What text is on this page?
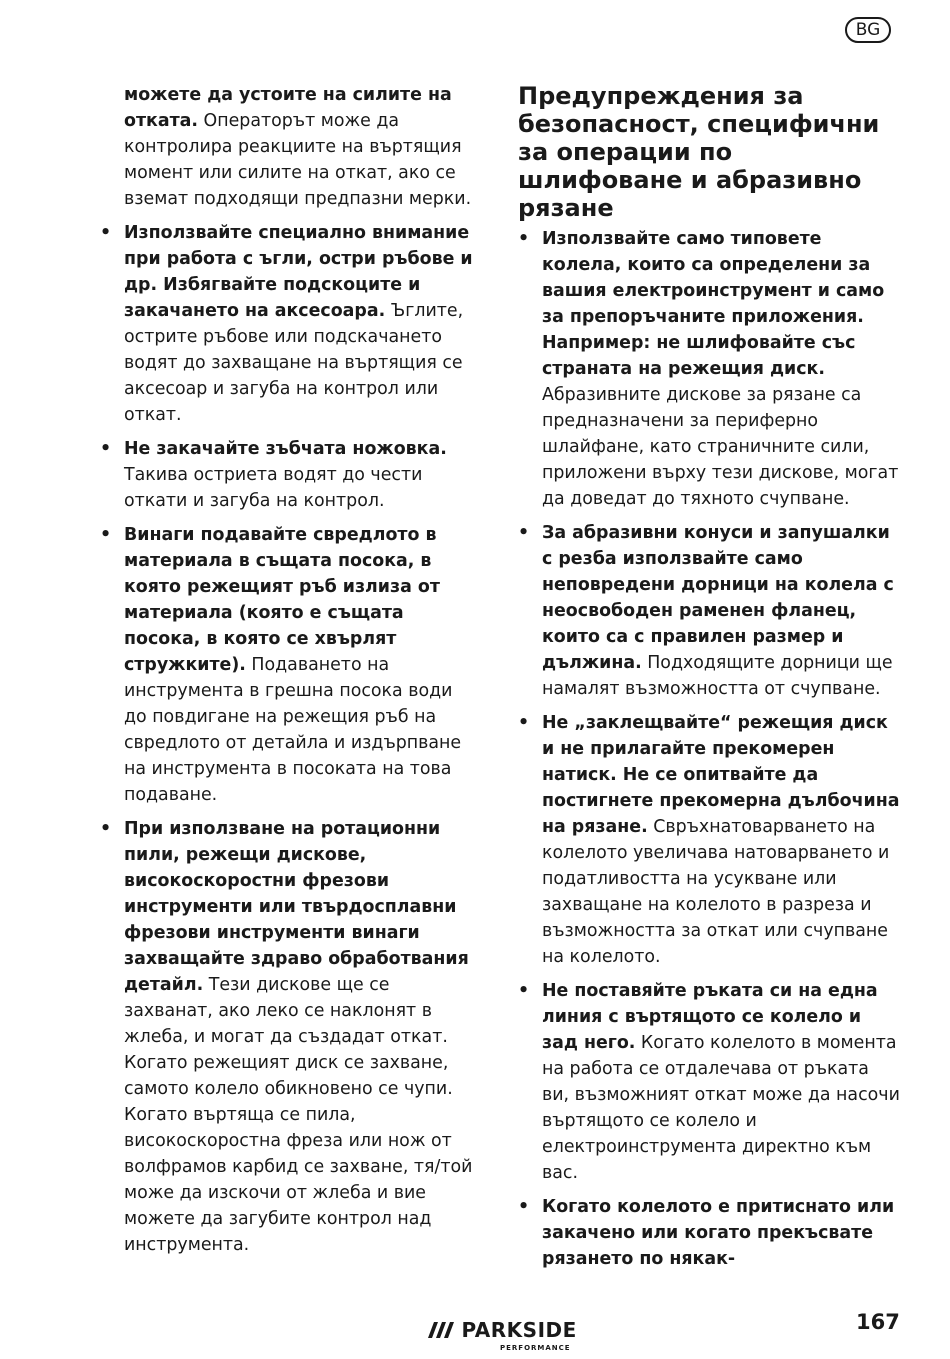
BG

можете да устоите на силите на отката. Операторът може да контролира реакциите на въртящия момент или силите на откат, ако се вземат подходящи предпазни мерки.

• Използвайте специално внимание при работа с ъгли, остри ръбове и др. Избягвайте подскоците и закачането на аксесоара. Ъглите, острите ръбове или подскачането водят до захващане на въртящия се аксесоар и загуба на контрол или откат.
• Не закачайте зъбчата ножовка. Такива остриета водят до чести откати и загуба на контрол.
• Винаги подавайте свредлото в материала в същата посока, в която режещият ръб излиза от материала (която е същата посока, в която се хвърлят стружките). Подаването на инструмента в грешна посока води до повдигане на режещия ръб на свредлото от детайла и издърпване на инструмента в посоката на това подаване.
• При използване на ротационни пили, режещи дискове, високоскоростни фрезови инструменти или твърдосплавни фрезови инструменти винаги захващайте здраво обработвания детайл. Тези дискове ще се захванат, ако леко се наклонят в жлеба, и могат да създадат откат. Когато режещият диск се захване, самото колело обикновено се чупи. Когато въртяща се пила, високоскоростна фреза или нож от волфрамов карбид се захване, тя/той може да изскочи от жлеба и вие можете да загубите контрол над инструмента.
Предупреждения за безопасност, специфични за операции по шлифоване и абразивно рязане
• Използвайте само типовете колела, които са определени за вашия електроинструмент и само за препоръчаните приложения. Например: не шлифовайте със страната на режещия диск. Абразивните дискове за рязане са предназначени за периферно шлайфане, като страничните сили, приложени върху тези дискове, могат да доведат до тяхното счупване.
• За абразивни конуси и запушалки с резба използвайте само неповредени дорници на колела с неосвободен раменен фланец, които са с правилен размер и дължина. Подходящите дорници ще намалят възможността от счупване.
• Не „заклещвайте“ режещия диск и не прилагайте прекомерен натиск. Не се опитвайте да постигнете прекомерна дълбочина на рязане. Свръхнатоварването на колелото увеличава натоварването и податливостта на усукване или захващане на колелото в разреза и възможността за откат или счупване на колелото.
• Не поставяйте ръката си на една линия с въртящото се колело и зад него. Когато колелото в момента на работа се отдалечава от ръката ви, възможният откат може да насочи въртящото се колело и електроинструмента директно към вас.
• Когато колелото е притиснато или закачено или когато прекъсвате рязането по някак-
PARKSIDE
PERFORMANCE
167
